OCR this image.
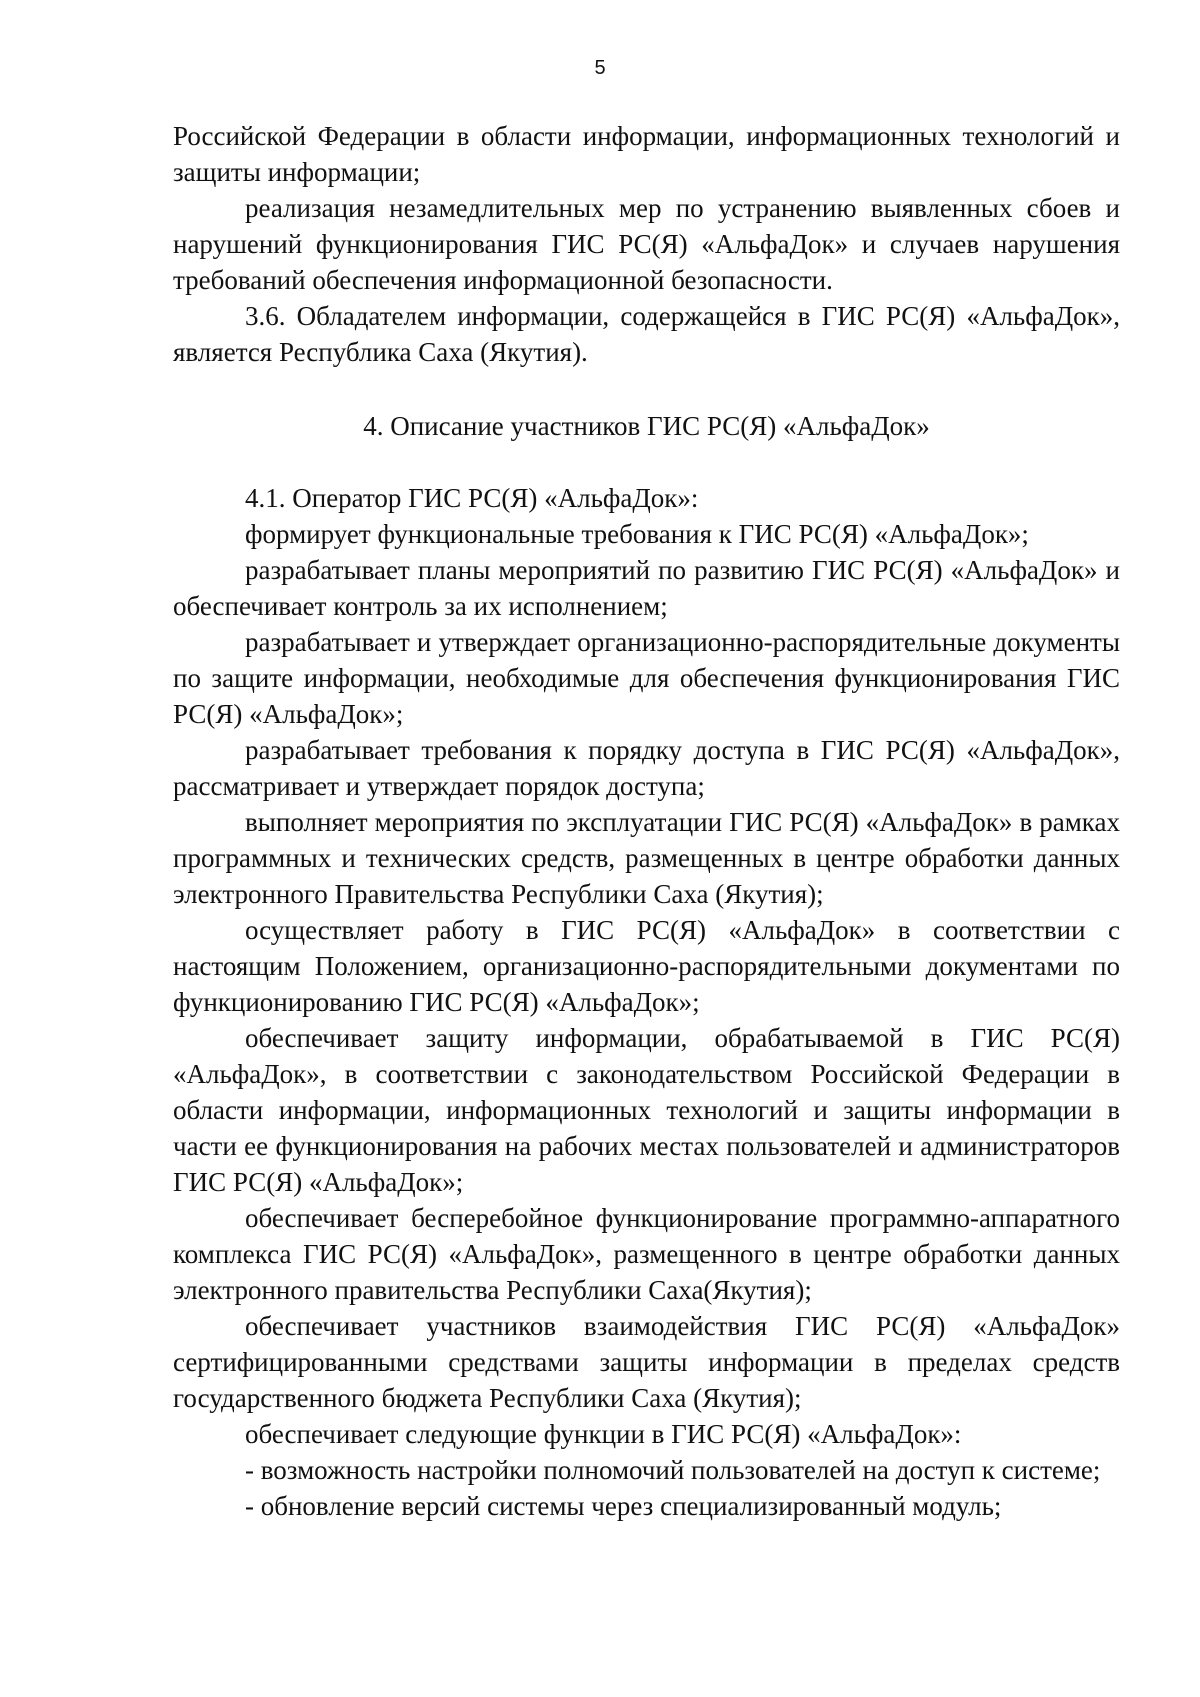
5

Российской Федерации в области информации, информационных технологий и защиты информации;

реализация незамедлительных мер по устранению выявленных сбоев и нарушений функционирования ГИС РС(Я) «АльфаДок» и случаев нарушения требований обеспечения информационной безопасности.

3.6. Обладателем информации, содержащейся в ГИС РС(Я) «АльфаДок», является Республика Саха (Якутия).

4. Описание участников ГИС РС(Я) «АльфаДок»

4.1. Оператор ГИС РС(Я) «АльфаДок»:

формирует функциональные требования к ГИС РС(Я) «АльфаДок»;

разрабатывает планы мероприятий по развитию ГИС РС(Я) «АльфаДок» и обеспечивает контроль за их исполнением;

разрабатывает и утверждает организационно-распорядительные документы по защите информации, необходимые для обеспечения функционирования ГИС РС(Я) «АльфаДок»;

разрабатывает требования к порядку доступа в ГИС РС(Я) «АльфаДок», рассматривает и утверждает порядок доступа;

выполняет мероприятия по эксплуатации ГИС РС(Я) «АльфаДок» в рамках программных и технических средств, размещенных в центре обработки данных электронного Правительства Республики Саха (Якутия);

осуществляет работу в ГИС РС(Я) «АльфаДок» в соответствии с настоящим Положением, организационно-распорядительными документами по функционированию ГИС РС(Я) «АльфаДок»;

обеспечивает защиту информации, обрабатываемой в ГИС РС(Я) «АльфаДок», в соответствии с законодательством Российской Федерации в области информации, информационных технологий и защиты информации в части ее функционирования на рабочих местах пользователей и администраторов ГИС РС(Я) «АльфаДок»;

обеспечивает бесперебойное функционирование программно-аппаратного комплекса ГИС РС(Я) «АльфаДок», размещенного в центре обработки данных электронного правительства Республики Саха(Якутия);

обеспечивает участников взаимодействия ГИС РС(Я) «АльфаДок» сертифицированными средствами защиты информации в пределах средств государственного бюджета Республики Саха (Якутия);

обеспечивает следующие функции в ГИС РС(Я) «АльфаДок»:

- возможность настройки полномочий пользователей на доступ к системе;

- обновление версий системы через специализированный модуль;
